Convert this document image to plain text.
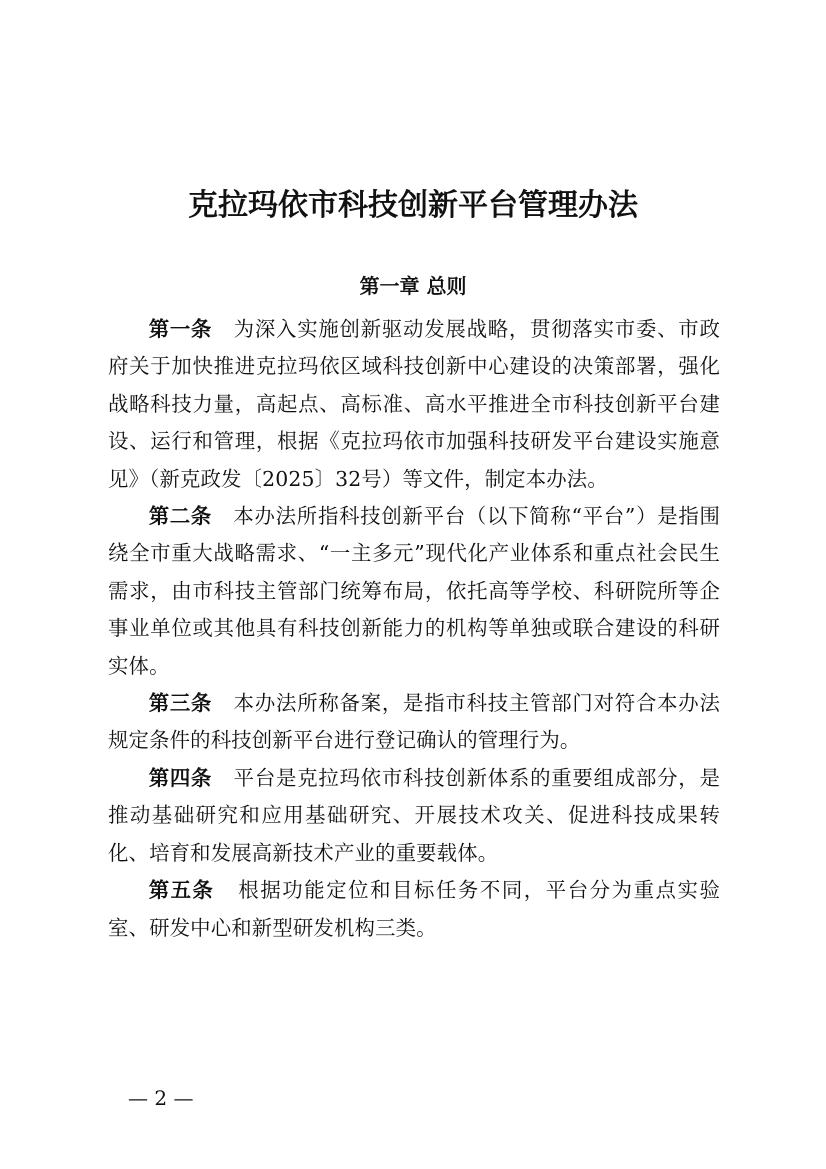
克拉玛依市科技创新平台管理办法
第一章 总则

第一条 为深入实施创新驱动发展战略，贯彻落实市委、市政府关于加快推进克拉玛依区域科技创新中心建设的决策部署，强化战略科技力量，高起点、高标准、高水平推进全市科技创新平台建设、运行和管理，根据《克拉玛依市加强科技研发平台建设实施意见》（新克政发〔2025〕32号）等文件，制定本办法。

第二条 本办法所指科技创新平台（以下简称“平台”）是指围绕全市重大战略需求、“一主多元”现代化产业体系和重点社会民生需求，由市科技主管部门统筹布局，依托高等学校、科研院所等企事业单位或其他具有科技创新能力的机构等单独或联合建设的科研实体。

第三条 本办法所称备案，是指市科技主管部门对符合本办法规定条件的科技创新平台进行登记确认的管理行为。

第四条 平台是克拉玛依市科技创新体系的重要组成部分，是推动基础研究和应用基础研究、开展技术攻关、促进科技成果转化、培育和发展高新技术产业的重要载体。

第五条 根据功能定位和目标任务不同，平台分为重点实验室、研发中心和新型研发机构三类。

— 2 —
